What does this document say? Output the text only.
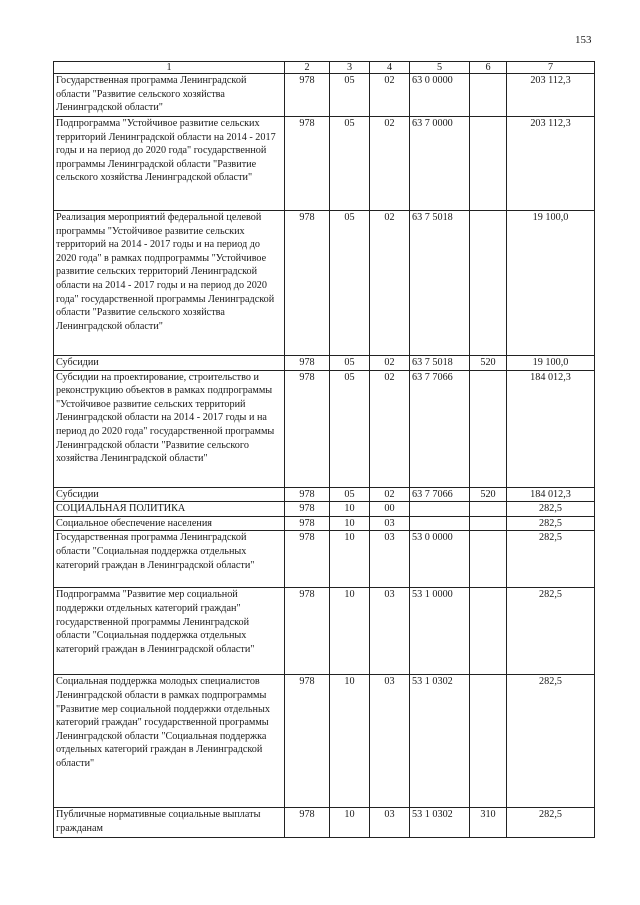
153
1	2	3	4	5	6	7
Государственная программа Ленинградской области "Развитие сельского хозяйства Ленинградской области"	978	05	02	63 0 0000		203 112,3
Подпрограмма "Устойчивое развитие сельских территорий Ленинградской области на 2014 - 2017 годы и на период до 2020 года" государственной программы Ленинградской области "Развитие сельского хозяйства Ленинградской области"	978	05	02	63 7 0000		203 112,3
Реализация мероприятий федеральной целевой программы "Устойчивое развитие сельских территорий на 2014 - 2017 годы и на период до 2020 года" в рамках подпрограммы "Устойчивое развитие сельских территорий Ленинградской области на 2014 - 2017 годы и на период до 2020 года" государственной программы Ленинградской области "Развитие сельского хозяйства Ленинградской области"	978	05	02	63 7 5018		19 100,0
Субсидии	978	05	02	63 7 5018	520	19 100,0
Субсидии на проектирование, строительство и реконструкцию объектов в рамках подпрограммы "Устойчивое развитие сельских территорий Ленинградской области на 2014 - 2017 годы и на период до 2020 года" государственной программы Ленинградской области "Развитие сельского хозяйства Ленинградской области"	978	05	02	63 7 7066		184 012,3
Субсидии	978	05	02	63 7 7066	520	184 012,3
СОЦИАЛЬНАЯ ПОЛИТИКА	978	10	00			282,5
Социальное обеспечение населения	978	10	03			282,5
Государственная программа Ленинградской области "Социальная поддержка отдельных категорий граждан в Ленинградской области"	978	10	03	53 0 0000		282,5
Подпрограмма "Развитие мер социальной поддержки отдельных категорий граждан" государственной программы Ленинградской области "Социальная поддержка отдельных категорий граждан в Ленинградской области"	978	10	03	53 1 0000		282,5
Социальная поддержка молодых специалистов Ленинградской области в рамках подпрограммы "Развитие мер социальной поддержки отдельных категорий граждан" государственной программы Ленинградской области "Социальная поддержка отдельных категорий граждан в Ленинградской области"	978	10	03	53 1 0302		282,5
Публичные нормативные социальные выплаты гражданам	978	10	03	53 1 0302	310	282,5
